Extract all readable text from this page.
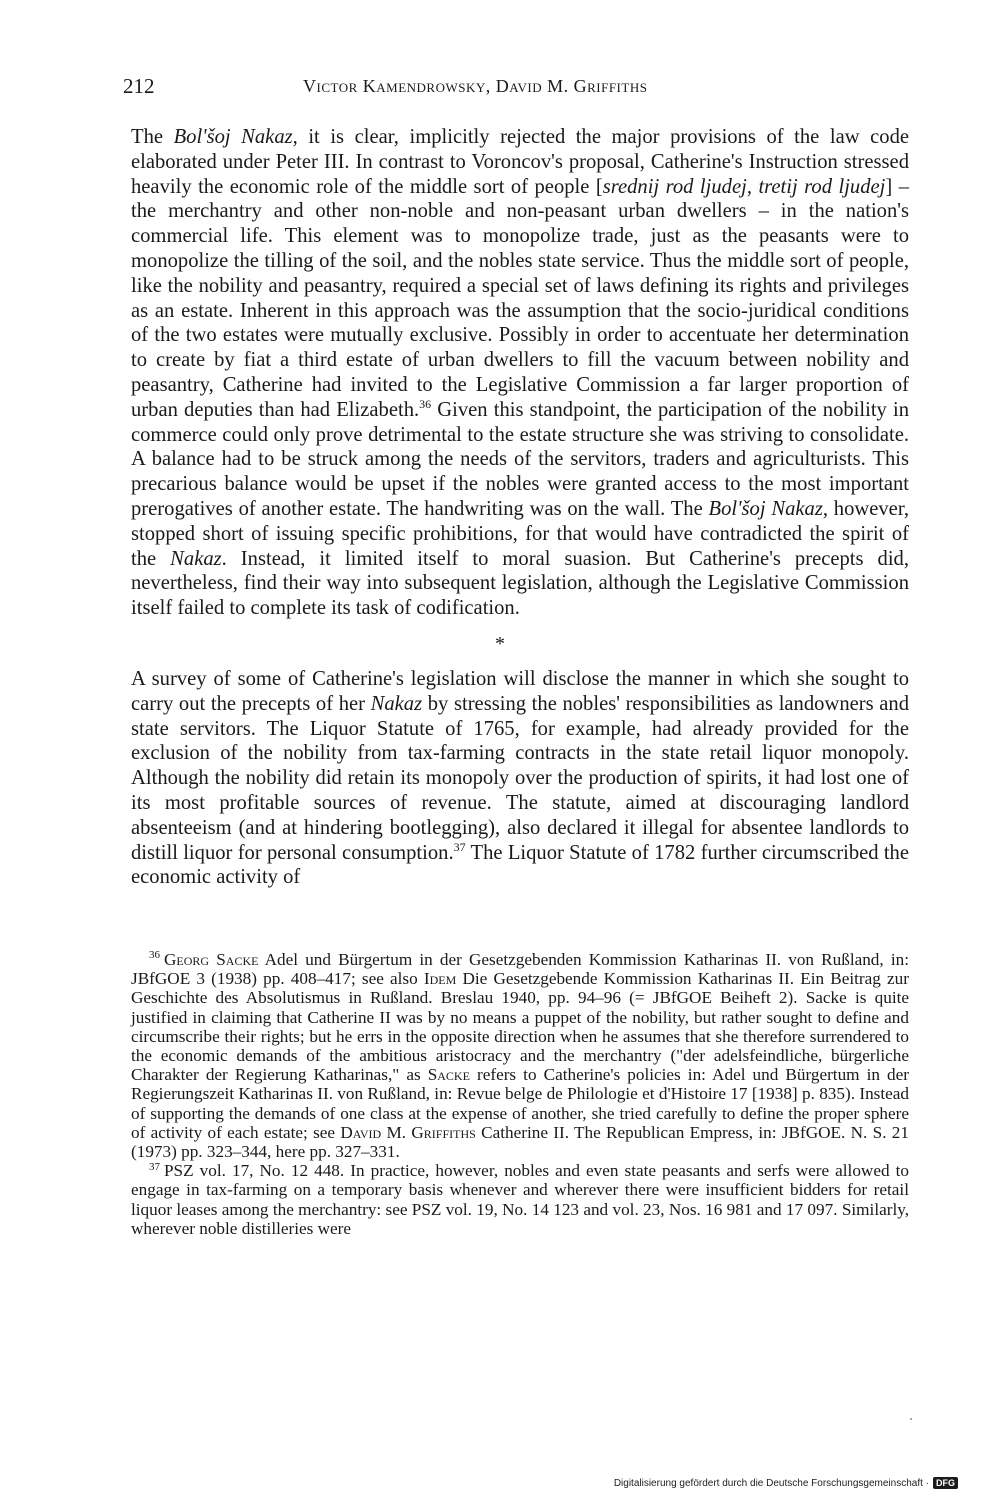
212	Victor Kamendrowsky, David M. Griffiths

The Bol'šoj Nakaz, it is clear, implicitly rejected the major provisions of the law code elaborated under Peter III. In contrast to Voroncov's proposal, Catherine's Instruction stressed heavily the economic role of the middle sort of people [srednij rod ljudej, tretij rod ljudej] – the merchantry and other non-noble and non-peasant urban dwellers – in the nation's commercial life. This element was to monopolize trade, just as the peasants were to monopolize the tilling of the soil, and the nobles state service. Thus the middle sort of people, like the nobility and peasantry, required a special set of laws defining its rights and privileges as an estate. Inherent in this approach was the assumption that the socio-juridical conditions of the two estates were mutually exclusive. Possibly in order to accentuate her determination to create by fiat a third estate of urban dwellers to fill the vacuum between nobility and peasantry, Catherine had invited to the Legislative Commission a far larger proportion of urban deputies than had Elizabeth.$^{36}$ Given this standpoint, the participation of the nobility in commerce could only prove detrimental to the estate structure she was striving to consolidate. A balance had to be struck among the needs of the servitors, traders and agriculturists. This precarious balance would be upset if the nobles were granted access to the most important prerogatives of another estate. The handwriting was on the wall. The Bol'šoj Nakaz, however, stopped short of issuing specific prohibitions, for that would have contradicted the spirit of the Nakaz. Instead, it limited itself to moral suasion. But Catherine's precepts did, nevertheless, find their way into subsequent legislation, although the Legislative Commission itself failed to complete its task of codification.

*

A survey of some of Catherine's legislation will disclose the manner in which she sought to carry out the precepts of her Nakaz by stressing the nobles' responsibilities as landowners and state servitors. The Liquor Statute of 1765, for example, had already provided for the exclusion of the nobility from tax-farming contracts in the state retail liquor monopoly. Although the nobility did retain its monopoly over the production of spirits, it had lost one of its most profitable sources of revenue. The statute, aimed at discouraging landlord absenteeism (and at hindering bootlegging), also declared it illegal for absentee landlords to distill liquor for personal consumption.$^{37}$ The Liquor Statute of 1782 further circumscribed the economic activity of

$^{36}$ Georg Sacke Adel und Bürgertum in der Gesetzgebenden Kommission Katharinas II. von Rußland, in: JBfGOE 3 (1938) pp. 408–417; see also Idem Die Gesetzgebende Kommission Katharinas II. Ein Beitrag zur Geschichte des Absolutismus in Rußland. Breslau 1940, pp. 94–96 (= JBfGOE Beiheft 2). Sacke is quite justified in claiming that Catherine II was by no means a puppet of the nobility, but rather sought to define and circumscribe their rights; but he errs in the opposite direction when he assumes that she therefore surrendered to the economic demands of the ambitious aristocracy and the merchantry ("der adelsfeindliche, bürgerliche Charakter der Regierung Katharinas," as Sacke refers to Catherine's policies in: Adel und Bürgertum in der Regierungszeit Katharinas II. von Rußland, in: Revue belge de Philologie et d'Histoire 17 [1938] p. 835). Instead of supporting the demands of one class at the expense of another, she tried carefully to define the proper sphere of activity of each estate; see David M. Griffiths Catherine II. The Republican Empress, in: JBfGOE. N. S. 21 (1973) pp. 323–344, here pp. 327–331.

$^{37}$ PSZ vol. 17, No. 12 448. In practice, however, nobles and even state peasants and serfs were allowed to engage in tax-farming on a temporary basis whenever and wherever there were insufficient bidders for retail liquor leases among the merchantry: see PSZ vol. 19, No. 14 123 and vol. 23, Nos. 16 981 and 17 097. Similarly, wherever noble distilleries were

Digitalisierung gefördert durch die Deutsche Forschungsgemeinschaft · DFG
